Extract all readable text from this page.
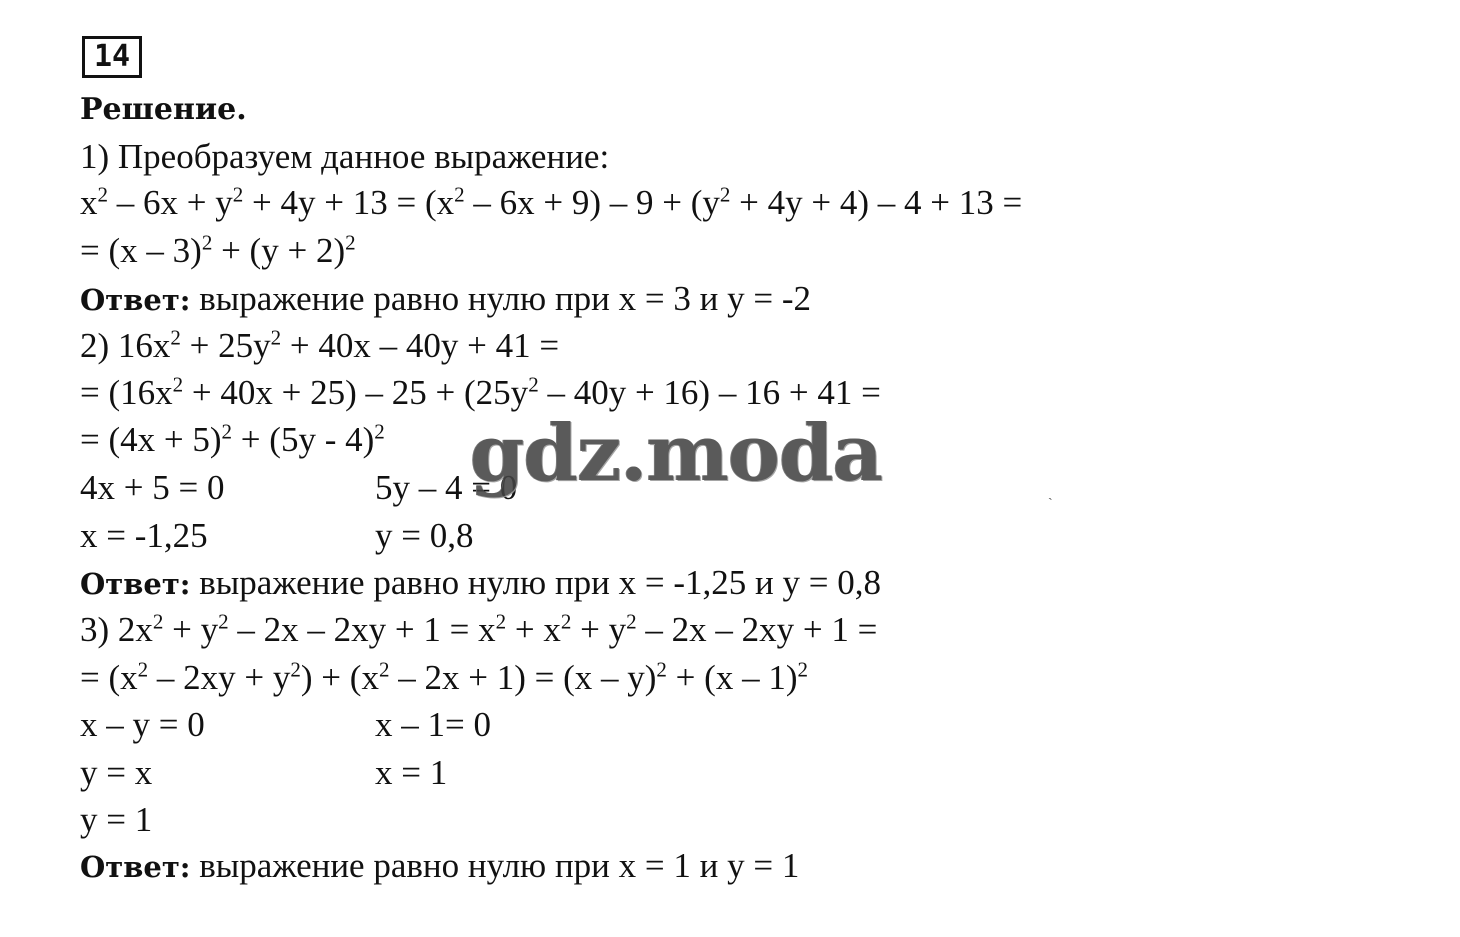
14
Решение.
1) Преобразуем данное выражение:
$x^2 - 6x + y^2 + 4y + 13 = (x^2 - 6x + 9) - 9 + (y^2 + 4y + 4) - 4 + 13$ =
= $(x - 3)^2 + (y + 2)^2$
Ответ: выражение равно нулю при x = 3 и y = -2
2) $16x^2 + 25y^2 + 40x - 40y + 41$ =
= $(16x^2 + 40x + 25) - 25 + (25y^2 - 40y + 16) - 16 + 41$ =
= $(4x + 5)^2 + (5y - 4)^2$
4x + 5 = 0	5y – 4 = 0
x = -1,25	y = 0,8
Ответ: выражение равно нулю при x = -1,25 и y = 0,8
3) $2x^2 + y^2 - 2x - 2xy + 1 = x^2 + x^2 + y^2 - 2x - 2xy + 1$ =
= $(x^2 - 2xy + y^2) + (x^2 - 2x + 1) = (x - y)^2 + (x - 1)^2$
x – y = 0	x – 1= 0
y = x	x = 1
y = 1
Ответ: выражение равно нулю при x = 1 и y = 1
gdz.moda	ˏ
